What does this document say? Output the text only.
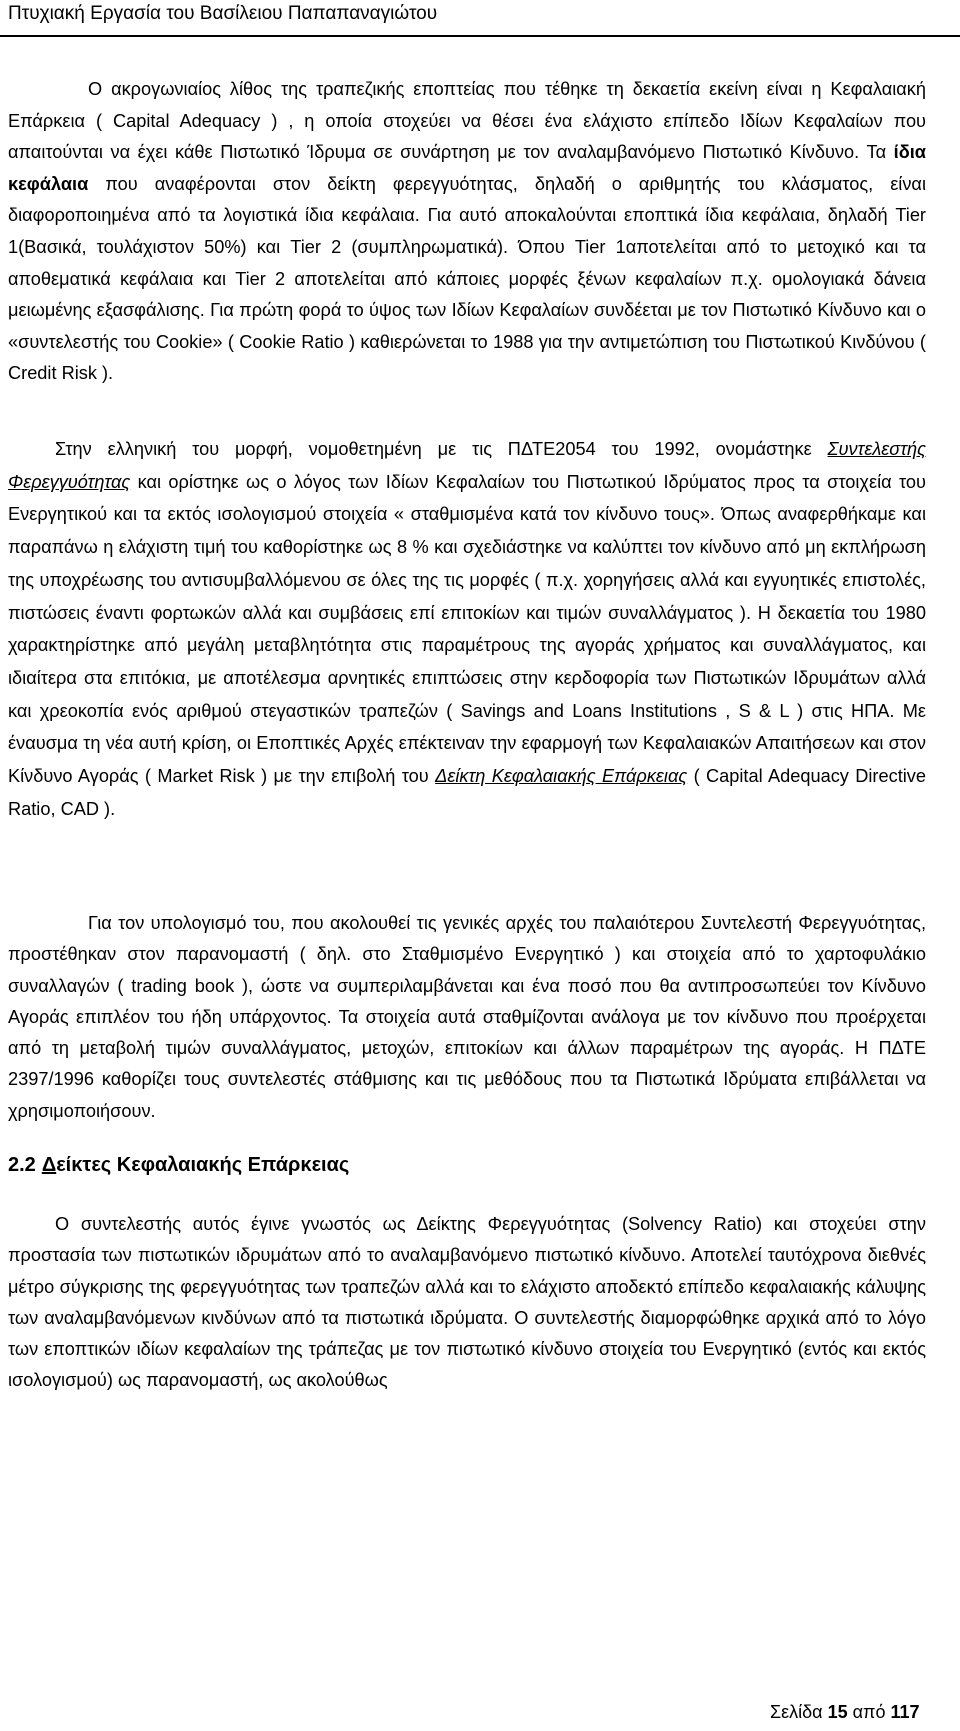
Πτυχιακή Εργασία του Βασίλειου Παπαπαναγιώτου

Ο ακρογωνιαίος λίθος της τραπεζικής εποπτείας που τέθηκε τη δεκαετία εκείνη είναι η Κεφαλαιακή Επάρκεια ( Capital Adequacy ) , η οποία στοχεύει να θέσει ένα ελάχιστο επίπεδο Ιδίων Κεφαλαίων που απαιτούνται να έχει κάθε Πιστωτικό Ίδρυμα σε συνάρτηση με τον αναλαμβανόμενο Πιστωτικό Κίνδυνο. Τα ίδια κεφάλαια που αναφέρονται στον δείκτη φερεγγυότητας, δηλαδή ο αριθμητής του κλάσματος, είναι διαφοροποιημένα από τα λογιστικά ίδια κεφάλαια. Για αυτό αποκαλούνται εποπτικά ίδια κεφάλαια, δηλαδή Tier 1(Βασικά, τουλάχιστον 50%) και Tier 2 (συμπληρωματικά). Όπου Tier 1αποτελείται από το μετοχικό και τα αποθεματικά κεφάλαια και Tier 2 αποτελείται από κάποιες μορφές ξένων κεφαλαίων π.χ. ομολογιακά δάνεια μειωμένης εξασφάλισης. Για πρώτη φορά το ύψος των Ιδίων Κεφαλαίων συνδέεται με τον Πιστωτικό Κίνδυνο και ο «συντελεστής του Cookie» ( Cookie Ratio ) καθιερώνεται το 1988 για την αντιμετώπιση του Πιστωτικού Κινδύνου ( Credit Risk ).

Στην ελληνική του μορφή, νομοθετημένη με τις ΠΔΤΕ2054 του 1992, ονομάστηκε Συντελεστής Φερεγγυότητας και ορίστηκε ως ο λόγος των Ιδίων Κεφαλαίων του Πιστωτικού Ιδρύματος προς τα στοιχεία του Ενεργητικού και τα εκτός ισολογισμού στοιχεία « σταθμισμένα κατά τον κίνδυνο τους». Όπως αναφερθήκαμε και παραπάνω η ελάχιστη τιμή του καθορίστηκε ως 8 % και σχεδιάστηκε να καλύπτει τον κίνδυνο από μη εκπλήρωση της υποχρέωσης του αντισυμβαλλόμενου σε όλες της τις μορφές ( π.χ. χορηγήσεις αλλά και εγγυητικές επιστολές, πιστώσεις έναντι φορτωκών αλλά και συμβάσεις επί επιτοκίων και τιμών συναλλάγματος ). Η δεκαετία του 1980 χαρακτηρίστηκε από μεγάλη μεταβλητότητα στις παραμέτρους της αγοράς χρήματος και συναλλάγματος, και ιδιαίτερα στα επιτόκια, με αποτέλεσμα αρνητικές επιπτώσεις στην κερδοφορία των Πιστωτικών Ιδρυμάτων αλλά και χρεοκοπία ενός αριθμού στεγαστικών τραπεζών ( Savings and Loans Institutions , S & L ) στις ΗΠΑ. Με έναυσμα τη νέα αυτή κρίση, οι Εποπτικές Αρχές επέκτειναν την εφαρμογή των Κεφαλαιακών Απαιτήσεων και στον Κίνδυνο Αγοράς ( Market Risk ) με την επιβολή του Δείκτη Κεφαλαιακής Επάρκειας ( Capital Adequacy Directive Ratio, CAD ).

Για τον υπολογισμό του, που ακολουθεί τις γενικές αρχές του παλαιότερου Συντελεστή Φερεγγυότητας, προστέθηκαν στον παρανομαστή ( δηλ. στο Σταθμισμένο Ενεργητικό ) και στοιχεία από το χαρτοφυλάκιο συναλλαγών ( trading book ), ώστε να συμπεριλαμβάνεται και ένα ποσό που θα αντιπροσωπεύει τον Κίνδυνο Αγοράς επιπλέον του ήδη υπάρχοντος. Τα στοιχεία αυτά σταθμίζονται ανάλογα με τον κίνδυνο που προέρχεται από τη μεταβολή τιμών συναλλάγματος, μετοχών, επιτοκίων και άλλων παραμέτρων της αγοράς. Η ΠΔΤΕ 2397/1996 καθορίζει τους συντελεστές στάθμισης και τις μεθόδους που τα Πιστωτικά Ιδρύματα επιβάλλεται να χρησιμοποιήσουν.

2.2 Δείκτες Κεφαλαιακής Επάρκειας

Ο συντελεστής αυτός έγινε γνωστός ως Δείκτης Φερεγγυότητας (Solvency Ratio) και στοχεύει στην προστασία των πιστωτικών ιδρυμάτων από το αναλαμβανόμενο πιστωτικό κίνδυνο. Αποτελεί ταυτόχρονα διεθνές μέτρο σύγκρισης της φερεγγυότητας των τραπεζών αλλά και το ελάχιστο αποδεκτό επίπεδο κεφαλαιακής κάλυψης των αναλαμβανόμενων κινδύνων από τα πιστωτικά ιδρύματα. Ο συντελεστής διαμορφώθηκε αρχικά από το λόγο των εποπτικών ιδίων κεφαλαίων της τράπεζας με τον πιστωτικό κίνδυνο στοιχεία του Ενεργητικό (εντός και εκτός ισολογισμού) ως παρανομαστή, ως ακολούθως

Σελίδα 15 από 117
